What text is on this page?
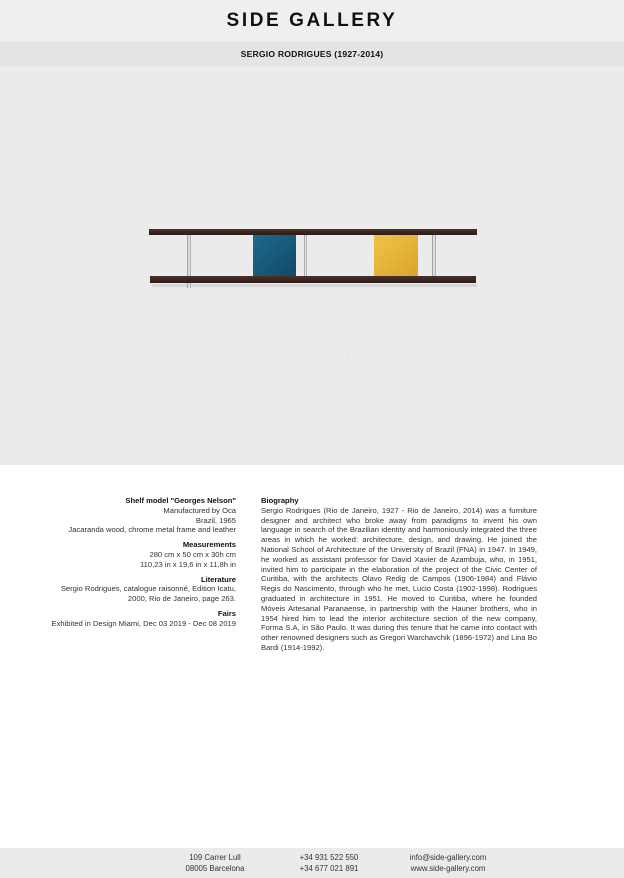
SIDE GALLERY
SERGIO RODRIGUES (1927-2014)
Shelf model "Georges Nelson"
Manufactured by Oca
Brazil, 1965
Jacaranda wood, chrome metal frame and leather
Measurements
280 cm x 50 cm x 30h cm
110,23 in x 19,6 in x 11,8h in
Literature
Sergio Rodrigues, catalogue raisonné, Edition Icatu,
2000, Rio de Janeiro, page 263.
Fairs
Exhibited in Design Miami, Dec 03 2019 - Dec 08 2019
Biography
Sergio Rodrigues (Rio de Janeiro, 1927 - Rio de Janeiro, 2014) was a furniture designer and architect who broke away from paradigms to invent his own language in search of the Brazilian identity and harmoniously integrated the three areas in which he worked: architecture, design, and drawing. He joined the National School of Architecture of the University of Brazil (FNA) in 1947. In 1949, he worked as assistant professor for David Xavier de Azambuja, who, in 1951, invited him to participate in the elaboration of the project of the Civic Center of Curitiba, with the architects Olavo Redig de Campos (1906-1984) and Flávio Regis do Nascimento, through who he met, Lucio Costa (1902-1998). Rodrigues graduated in architecture in 1951. He moved to Curitiba, where he founded Móveis Artesanal Paranaense, in partnership with the Hauner brothers, who in 1954 hired him to lead the interior architecture section of the new company, Forma S.A, in São Paulo. It was during this tenure that he came into contact with other renowned designers such as Gregori Warchavchik (1896-1972) and Lina Bo Bardi (1914-1992).
109 Carrer Lull
08005 Barcelona
+34 931 522 550
+34 677 021 891
info@side-gallery.com
www.side-gallery.com
